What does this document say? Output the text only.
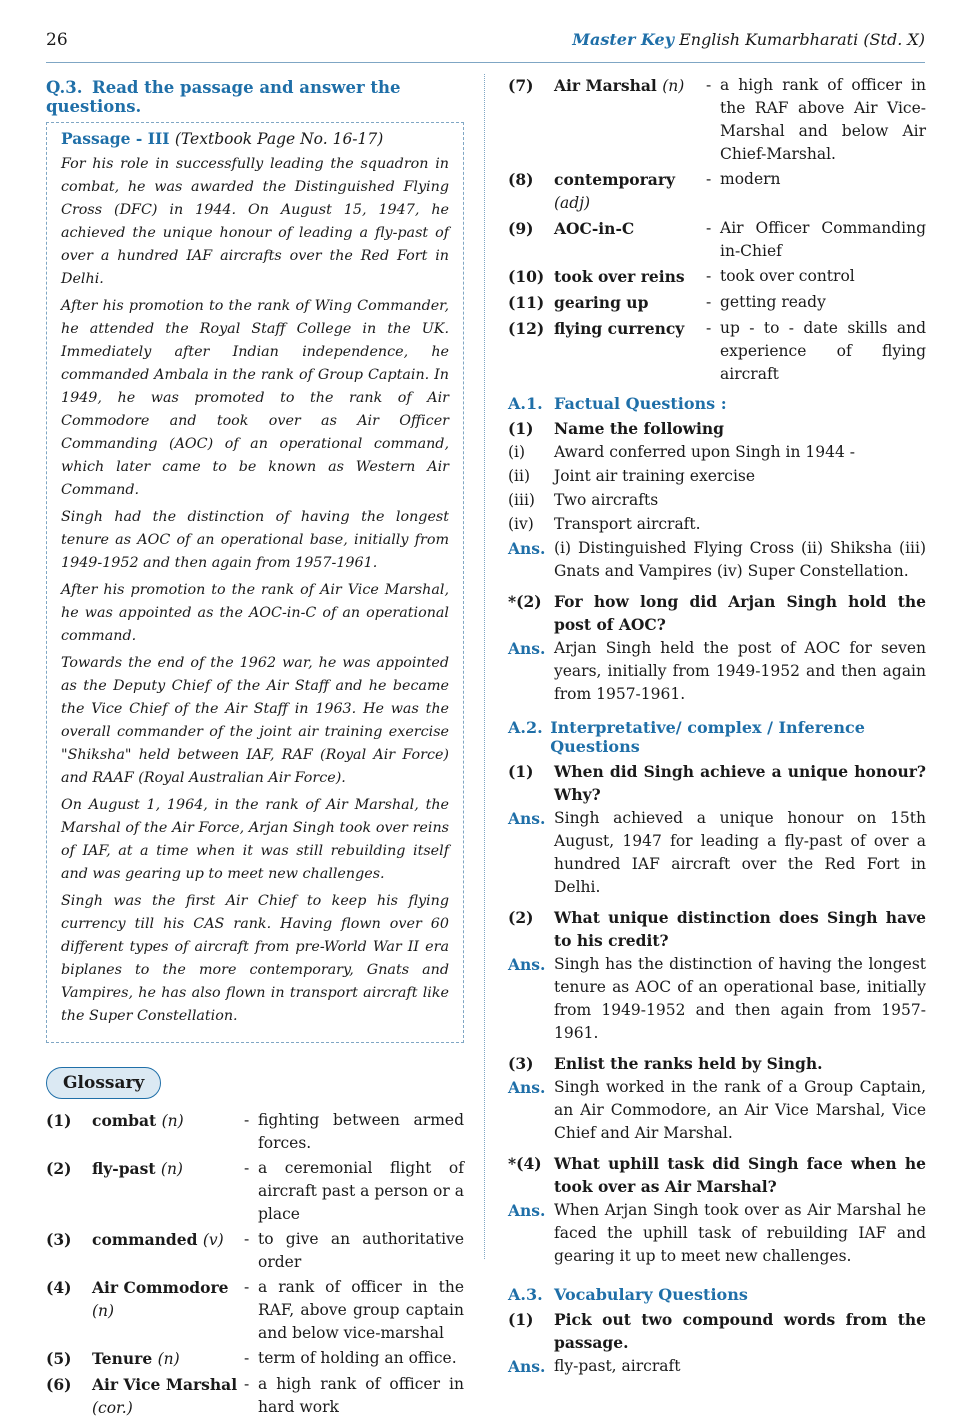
26	Master Key English Kumarbharati (Std. X)
Q.3. Read the passage and answer the questions.
Passage - III (Textbook Page No. 16-17)

For his role in successfully leading the squadron in combat, he was awarded the Distinguished Flying Cross (DFC) in 1944. On August 15, 1947, he achieved the unique honour of leading a fly-past of over a hundred IAF aircrafts over the Red Fort in Delhi.

After his promotion to the rank of Wing Commander, he attended the Royal Staff College in the UK. Immediately after Indian independence, he commanded Ambala in the rank of Group Captain. In 1949, he was promoted to the rank of Air Commodore and took over as Air Officer Commanding (AOC) of an operational command, which later came to be known as Western Air Command.

Singh had the distinction of having the longest tenure as AOC of an operational base, initially from 1949-1952 and then again from 1957-1961.

After his promotion to the rank of Air Vice Marshal, he was appointed as the AOC-in-C of an operational command.

Towards the end of the 1962 war, he was appointed as the Deputy Chief of the Air Staff and he became the Vice Chief of the Air Staff in 1963. He was the overall commander of the joint air training exercise "Shiksha" held between IAF, RAF (Royal Air Force) and RAAF (Royal Australian Air Force).

On August 1, 1964, in the rank of Air Marshal, the Marshal of the Air Force, Arjan Singh took over reins of IAF, at a time when it was still rebuilding itself and was gearing up to meet new challenges.

Singh was the first Air Chief to keep his flying currency till his CAS rank. Having flown over 60 different types of aircraft from pre-World War II era biplanes to the more contemporary, Gnats and Vampires, he has also flown in transport aircraft like the Super Constellation.

Glossary
(1)	combat (n)	- fighting between armed forces.
(2)	fly-past (n)	- a ceremonial flight of aircraft past a person or a place
(3)	commanded (v)	- to give an authoritative order
(4)	Air Commodore (n)
- a rank of officer in the RAF, above group captain and below vice-marshal
(5)	Tenure (n)	- term of holding an office.
(6)	Air Vice Marshal (cor.)
- a high rank of officer in hard work
(7)	Air Marshal (n)	- a high rank of officer in the RAF above Air Vice-Marshal and below Air Chief-Marshal.
(8)	contemporary (adj)
- modern
(9)	AOC-in-C	- Air Officer Commanding in-Chief
(10) took over reins	- took over control
(11) gearing up	- getting ready
(12) flying currency	- up - to - date skills and experience of flying aircraft
A.1. Factual Questions :
(1)	Name the following
(i)	Award conferred upon Singh in 1944 -
(ii)	Joint air training exercise
(iii)	Two aircrafts
(iv)	Transport aircraft.
Ans. (i) Distinguished Flying Cross (ii) Shiksha (iii) Gnats and Vampires (iv) Super Constellation.
*(2) For how long did Arjan Singh hold the post of AOC?
Ans. Arjan Singh held the post of AOC for seven years, initially from 1949-1952 and then again from 1957-1961.
A.2. Interpretative/ complex / Inference Questions
(1)	When did Singh achieve a unique honour? Why?
Ans. Singh achieved a unique honour on 15th August, 1947 for leading a fly-past of over a hundred IAF aircraft over the Red Fort in Delhi.
(2)	What unique distinction does Singh have to his credit?
Ans. Singh has the distinction of having the longest tenure as AOC of an operational base, initially from 1949-1952 and then again from 1957-1961.
(3)	Enlist the ranks held by Singh.
Ans. Singh worked in the rank of a Group Captain, an Air Commodore, an Air Vice Marshal, Vice Chief and Air Marshal.
*(4) What uphill task did Singh face when he took over as Air Marshal?
Ans. When Arjan Singh took over as Air Marshal he faced the uphill task of rebuilding IAF and gearing it up to meet new challenges.
A.3. Vocabulary Questions
(1)	Pick out two compound words from the passage.
Ans. fly-past, aircraft
